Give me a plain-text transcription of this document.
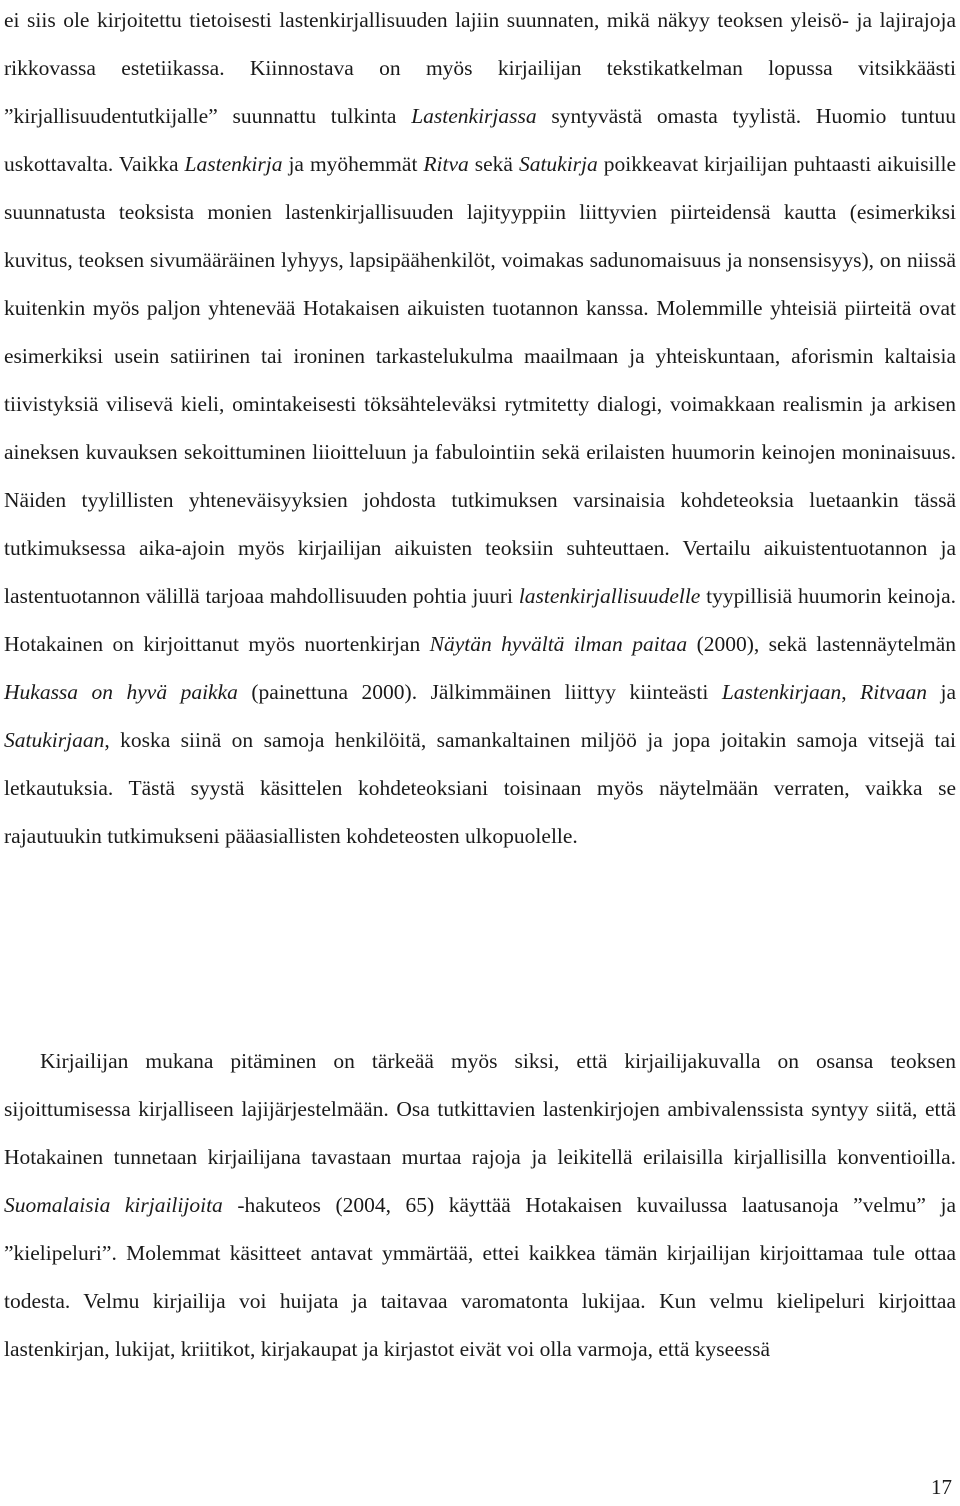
ei siis ole kirjoitettu tietoisesti lastenkirjallisuuden lajiin suunnaten, mikä näkyy teoksen yleisö- ja lajirajoja rikkovassa estetiikassa. Kiinnostava on myös kirjailijan tekstikatkelman lopussa vitsikkäästi ”kirjallisuudentutkijalle” suunnattu tulkinta Lastenkirjassa syntyvästä omasta tyylistä. Huomio tuntuu uskottavalta. Vaikka Lastenkirja ja myöhemmät Ritva sekä Satukirja poikkeavat kirjailijan puhtaasti aikuisille suunnatusta teoksista monien lastenkirjallisuuden lajityyppiin liittyvien piirteidensä kautta (esimerkiksi kuvitus, teoksen sivumääräinen lyhyys, lapsipäähenkilöt, voimakas sadunomaisuus ja nonsensisyys), on niissä kuitenkin myös paljon yhtenevää Hotakaisen aikuisten tuotannon kanssa. Molemmille yhteisiä piirteitä ovat esimerkiksi usein satiirinen tai ironinen tarkastelukulma maailmaan ja yhteiskuntaan, aforismin kaltaisia tiivistyksiä vilisevä kieli, omintakeisesti töksähteleväksi rytmitetty dialogi, voimakkaan realismin ja arkisen aineksen kuvauksen sekoittuminen liioitteluun ja fabulointiin sekä erilaisten huumorin keinojen moninaisuus. Näiden tyylillisten yhteneväisyyksien johdosta tutkimuksen varsinaisia kohdeteoksia luetaankin tässä tutkimuksessa aika-ajoin myös kirjailijan aikuisten teoksiin suhteuttaen. Vertailu aikuistentuotannon ja lastentuotannon välillä tarjoaa mahdollisuuden pohtia juuri lastenkirjallisuudelle tyypillisiä huumorin keinoja. Hotakainen on kirjoittanut myös nuortenkirjan Näytän hyvältä ilman paitaa (2000), sekä lastennäytelmän Hukassa on hyvä paikka (painettuna 2000). Jälkimmäinen liittyy kiinteästi Lastenkirjaan, Ritvaan ja Satukirjaan, koska siinä on samoja henkilöitä, samankaltainen miljöö ja jopa joitakin samoja vitsejä tai letkautuksia. Tästä syystä käsittelen kohdeteoksiani toisinaan myös näytelmään verraten, vaikka se rajautuukin tutkimukseni pääasiallisten kohdeteosten ulkopuolelle.

Kirjailijan mukana pitäminen on tärkeää myös siksi, että kirjailijakuvalla on osansa teoksen sijoittumisessa kirjalliseen lajijärjestelmään. Osa tutkittavien lastenkirjojen ambivalenssista syntyy siitä, että Hotakainen tunnetaan kirjailijana tavastaan murtaa rajoja ja leikitellä erilaisilla kirjallisilla konventioilla. Suomalaisia kirjailijoita -hakuteos (2004, 65) käyttää Hotakaisen kuvailussa laatusanoja ”velmu” ja ”kielipeluri”. Molemmat käsitteet antavat ymmärtää, ettei kaikkea tämän kirjailijan kirjoittamaa tule ottaa todesta. Velmu kirjailija voi huijata ja taitavaa varomatonta lukijaa. Kun velmu kielipeluri kirjoittaa lastenkirjan, lukijat, kriitikot, kirjakaupat ja kirjastot eivät voi olla varmoja, että kyseessä

17
